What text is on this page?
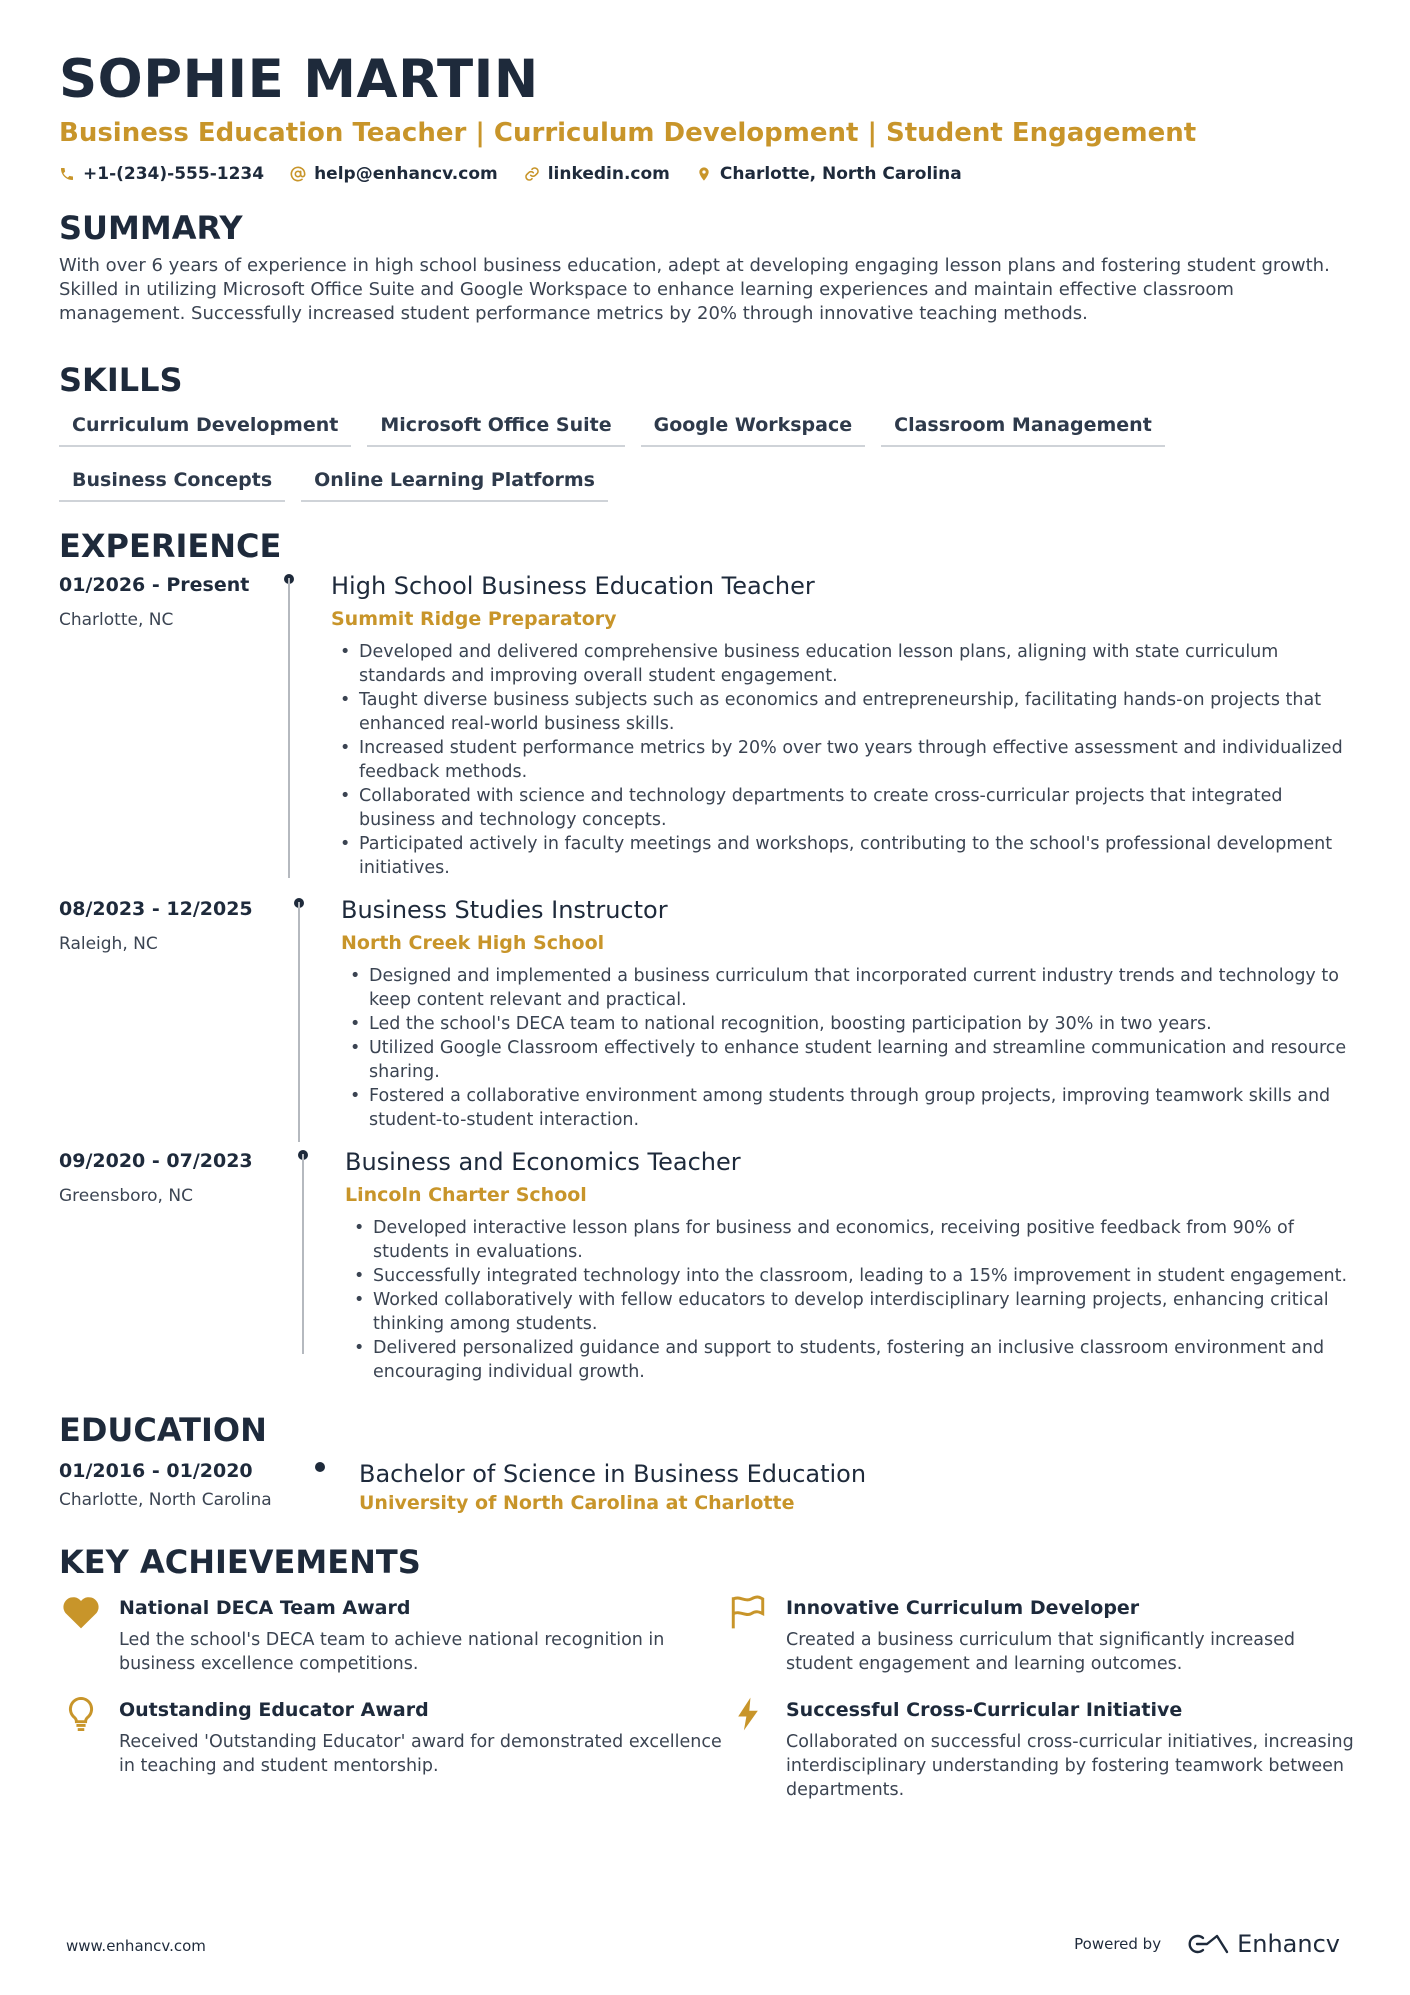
SOPHIE MARTIN
Business Education Teacher | Curriculum Development | Student Engagement
+1-(234)-555-1234	help@enhancv.com	linkedin.com	Charlotte, North Carolina
SUMMARY

With over 6 years of experience in high school business education, adept at developing engaging lesson plans and fostering student growth. Skilled in utilizing Microsoft Office Suite and Google Workspace to enhance learning experiences and maintain effective classroom management. Successfully increased student performance metrics by 20% through innovative teaching methods.

SKILLS
Curriculum Development	Microsoft Office Suite	Google Workspace	Classroom Management
Business Concepts	Online Learning Platforms
EXPERIENCE
01/2026 - Present
Charlotte, NC
High School Business Education Teacher
Summit Ridge Preparatory
• Developed and delivered comprehensive business education lesson plans, aligning with state curriculum standards and improving overall student engagement.
• Taught diverse business subjects such as economics and entrepreneurship, facilitating hands-on projects that enhanced real-world business skills.
• Increased student performance metrics by 20% over two years through effective assessment and individualized feedback methods.
• Collaborated with science and technology departments to create cross-curricular projects that integrated business and technology concepts.
• Participated actively in faculty meetings and workshops, contributing to the school's professional development initiatives.
08/2023 - 12/2025
Raleigh, NC
Business Studies Instructor
North Creek High School
• Designed and implemented a business curriculum that incorporated current industry trends and technology to keep content relevant and practical.
• Led the school's DECA team to national recognition, boosting participation by 30% in two years.
• Utilized Google Classroom effectively to enhance student learning and streamline communication and resource sharing.
• Fostered a collaborative environment among students through group projects, improving teamwork skills and student-to-student interaction.
09/2020 - 07/2023
Greensboro, NC
Business and Economics Teacher
Lincoln Charter School
• Developed interactive lesson plans for business and economics, receiving positive feedback from 90% of students in evaluations.
• Successfully integrated technology into the classroom, leading to a 15% improvement in student engagement.
• Worked collaboratively with fellow educators to develop interdisciplinary learning projects, enhancing critical thinking among students.
• Delivered personalized guidance and support to students, fostering an inclusive classroom environment and encouraging individual growth.
EDUCATION
01/2016 - 01/2020
Charlotte, North Carolina
Bachelor of Science in Business Education
University of North Carolina at Charlotte
KEY ACHIEVEMENTS
National DECA Team Award
Led the school's DECA team to achieve national recognition in business excellence competitions.
Innovative Curriculum Developer
Created a business curriculum that significantly increased student engagement and learning outcomes.
Outstanding Educator Award
Received 'Outstanding Educator' award for demonstrated excellence in teaching and student mentorship.
Successful Cross-Curricular Initiative
Collaborated on successful cross-curricular initiatives, increasing interdisciplinary understanding by fostering teamwork between departments.
www.enhancv.com	Powered by	Enhancv
